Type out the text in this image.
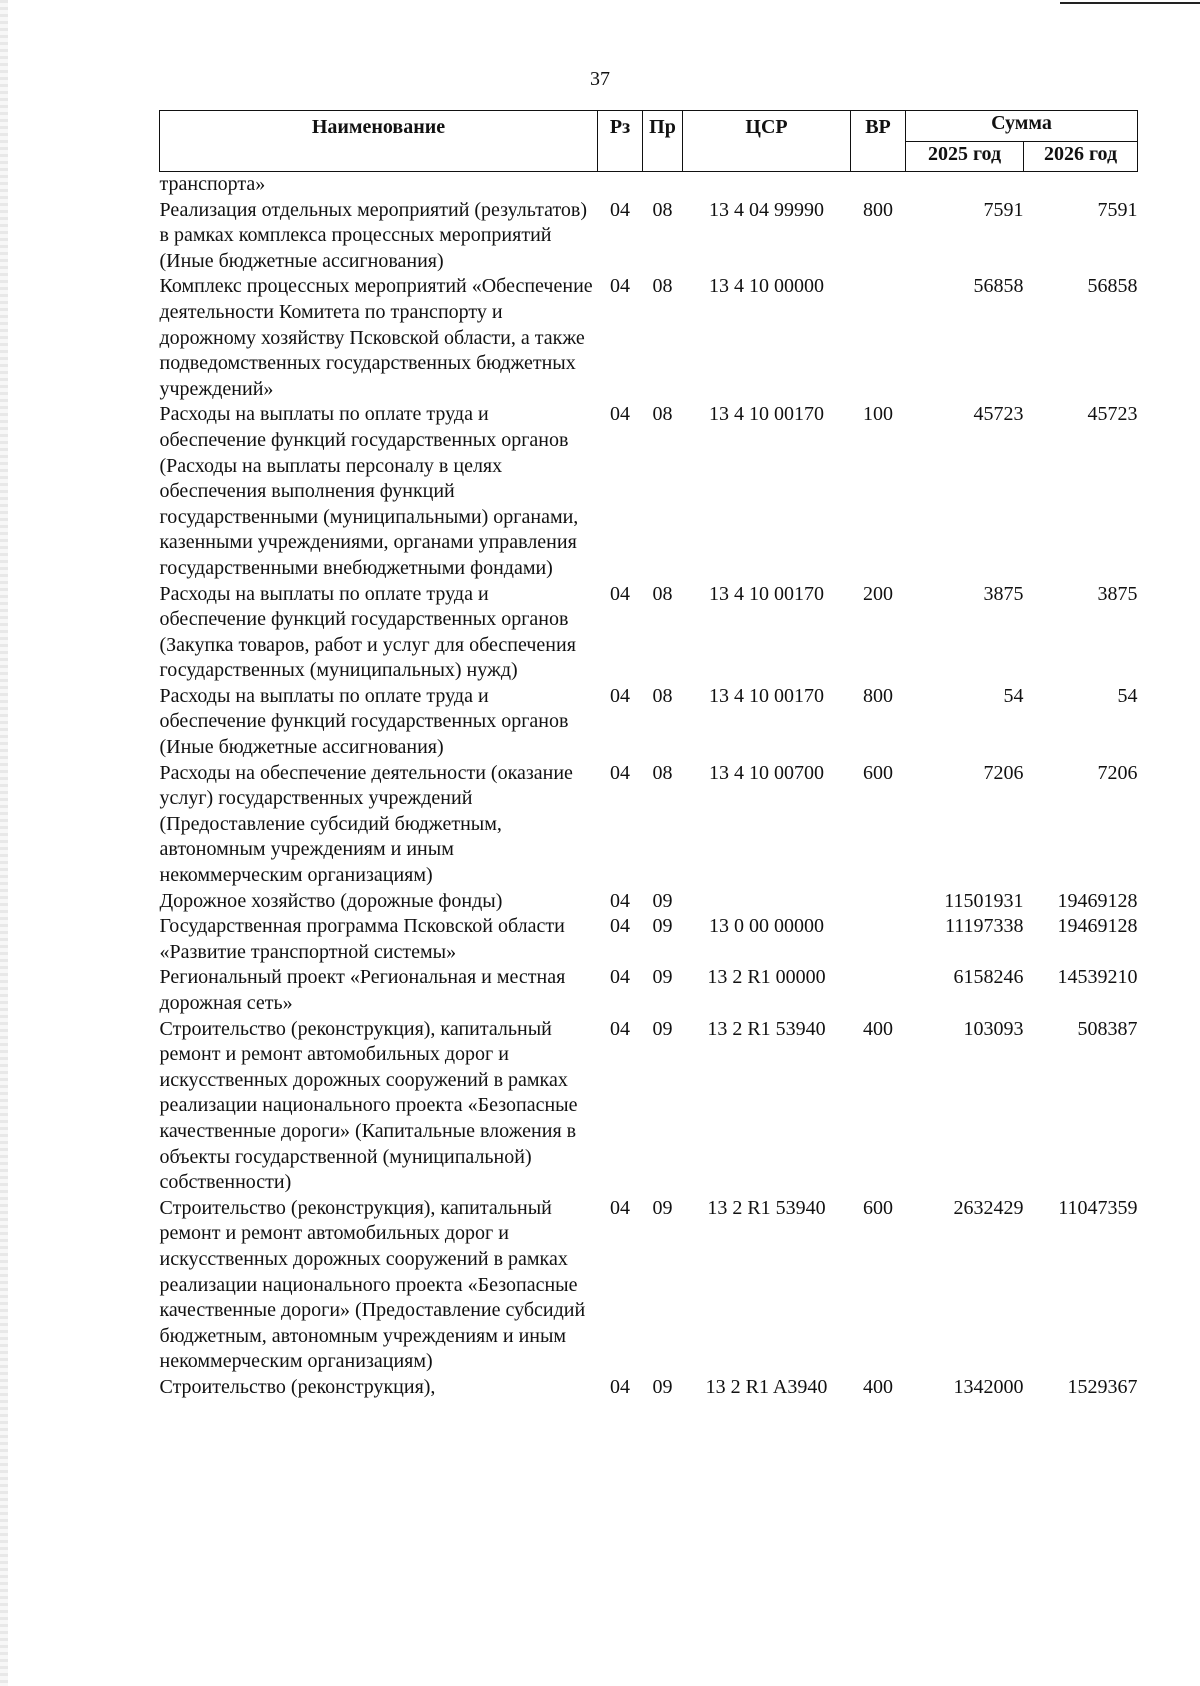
37
Наименование	Рз	Пр	ЦСР	ВР	Сумма	
					2025 год	2026 год
транспорта»						
Реализация отдельных мероприятий (результатов) в рамках комплекса процессных мероприятий (Иные бюджетные ассигнования)	04	08	13 4 04 99990	800	7591	7591
Комплекс процессных мероприятий «Обеспечение деятельности Комитета по транспорту и дорожному хозяйству Псковской области, а также подведомственных государственных бюджетных учреждений»	04	08	13 4 10 00000		56858	56858
Расходы на выплаты по оплате труда и обеспечение функций государственных органов (Расходы на выплаты персоналу в целях обеспечения выполнения функций государственными (муниципальными) органами, казенными учреждениями, органами управления государственными внебюджетными фондами)	04	08	13 4 10 00170	100	45723	45723
Расходы на выплаты по оплате труда и обеспечение функций государственных органов (Закупка товаров, работ и услуг для обеспечения государственных (муниципальных) нужд)	04	08	13 4 10 00170	200	3875	3875
Расходы на выплаты по оплате труда и обеспечение функций государственных органов (Иные бюджетные ассигнования)	04	08	13 4 10 00170	800	54	54
Расходы на обеспечение деятельности (оказание услуг) государственных учреждений (Предоставление субсидий бюджетным, автономным учреждениям и иным некоммерческим организациям)	04	08	13 4 10 00700	600	7206	7206
Дорожное хозяйство (дорожные фонды)	04	09			11501931	19469128
Государственная программа Псковской области «Развитие транспортной системы»	04	09	13 0 00 00000		11197338	19469128
Региональный проект «Региональная и местная дорожная сеть»	04	09	13 2 R1 00000		6158246	14539210
Строительство (реконструкция), капитальный ремонт и ремонт автомобильных дорог и искусственных дорожных сооружений в рамках реализации национального проекта «Безопасные качественные дороги» (Капитальные вложения в объекты государственной (муниципальной) собственности)	04	09	13 2 R1 53940	400	103093	508387
Строительство (реконструкция), капитальный ремонт и ремонт автомобильных дорог и искусственных дорожных сооружений в рамках реализации национального проекта «Безопасные качественные дороги» (Предоставление субсидий бюджетным, автономным учреждениям и иным некоммерческим организациям)	04	09	13 2 R1 53940	600	2632429	11047359
Строительство (реконструкция),	04	09	13 2 R1 A3940	400	1342000	1529367
